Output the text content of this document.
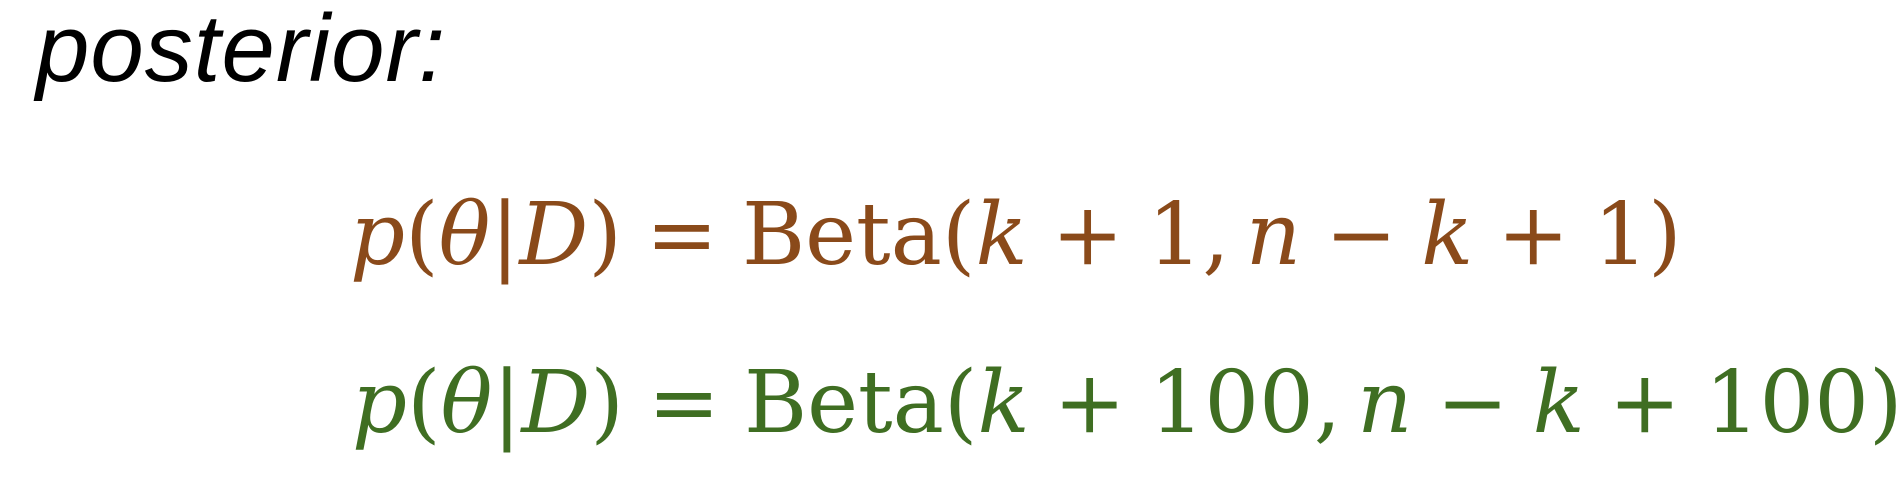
posterior:
p(θ|D) = Beta(k + 1, n − k + 1)
p(θ|D) = Beta(k + 100, n − k + 100)
